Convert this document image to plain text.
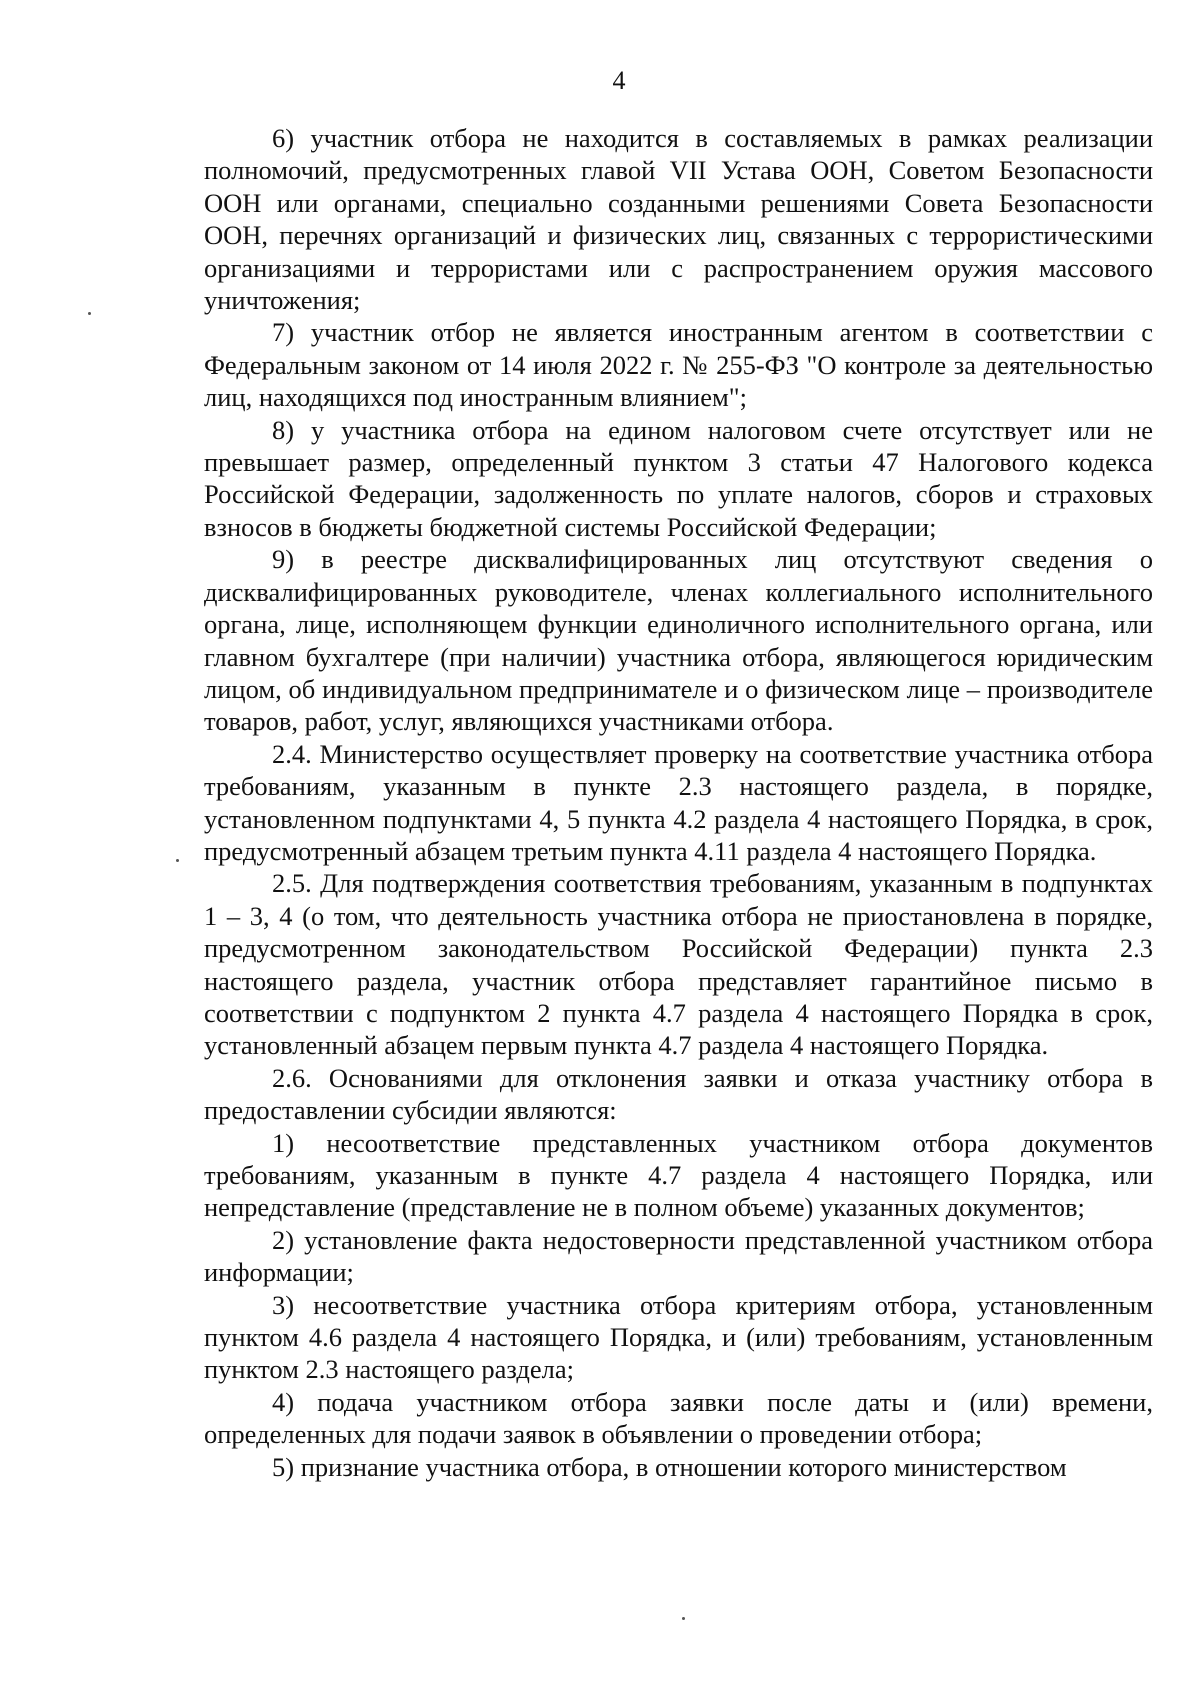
4

6) участник отбора не находится в составляемых в рамках реализации полномочий, предусмотренных главой VII Устава ООН, Советом Безопасности ООН или органами, специально созданными решениями Совета Безопасности ООН, перечнях организаций и физических лиц, связанных с террористическими организациями и террористами или с распространением оружия массового уничтожения;

7) участник отбор не является иностранным агентом в соответствии с Федеральным законом от 14 июля 2022 г. № 255-ФЗ "О контроле за деятельностью лиц, находящихся под иностранным влиянием";

8) у участника отбора на едином налоговом счете отсутствует или не превышает размер, определенный пунктом 3 статьи 47 Налогового кодекса Российской Федерации, задолженность по уплате налогов, сборов и страховых взносов в бюджеты бюджетной системы Российской Федерации;

9) в реестре дисквалифицированных лиц отсутствуют сведения о дисквалифицированных руководителе, членах коллегиального исполнительного органа, лице, исполняющем функции единоличного исполнительного органа, или главном бухгалтере (при наличии) участника отбора, являющегося юридическим лицом, об индивидуальном предпринимателе и о физическом лице – производителе товаров, работ, услуг, являющихся участниками отбора.

2.4. Министерство осуществляет проверку на соответствие участника отбора требованиям, указанным в пункте 2.3 настоящего раздела, в порядке, установленном подпунктами 4, 5 пункта 4.2 раздела 4 настоящего Порядка, в срок, предусмотренный абзацем третьим пункта 4.11 раздела 4 настоящего Порядка.

2.5. Для подтверждения соответствия требованиям, указанным в подпунктах 1 – 3, 4 (о том, что деятельность участника отбора не приостановлена в порядке, предусмотренном законодательством Российской Федерации) пункта 2.3 настоящего раздела, участник отбора представляет гарантийное письмо в соответствии с подпунктом 2 пункта 4.7 раздела 4 настоящего Порядка в срок, установленный абзацем первым пункта 4.7 раздела 4 настоящего Порядка.

2.6. Основаниями для отклонения заявки и отказа участнику отбора в предоставлении субсидии являются:

1) несоответствие представленных участником отбора документов требованиям, указанным в пункте 4.7 раздела 4 настоящего Порядка, или непредставление (представление не в полном объеме) указанных документов;

2) установление факта недостоверности представленной участником отбора информации;

3) несоответствие участника отбора критериям отбора, установленным пунктом 4.6 раздела 4 настоящего Порядка, и (или) требованиям, установленным пунктом 2.3 настоящего раздела;

4) подача участником отбора заявки после даты и (или) времени, определенных для подачи заявок в объявлении о проведении отбора;

5) признание участника отбора, в отношении которого министерством
